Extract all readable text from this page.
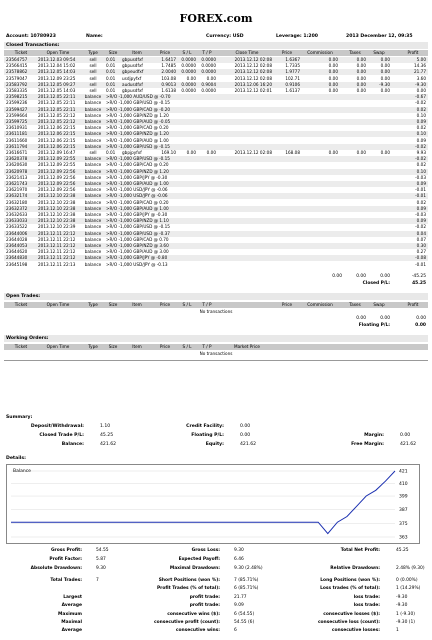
FOREX.com
Account: 10780923	Name:	Currency: USD	Leverage: 1:200	2013 December 12, 09:35
Closed Transactions:
Ticket	Open Time	Type	Size	Item	Price	S / L	T / P	Close Time	Price	Commission	Taxes	Swap	Profit
23564757	2013.12.03 09:54	sell	0.01	gbpusdfxf	1.6417	0.0000	0.0000	2013.12.12 02:08	1.6367	0.00	0.00	0.00	5.00
23566415	2013.12.04 15:02	sell	0.01	gbpusdfxf	1.7485	0.0000	0.0000	2013.12.12 02:08	1.7335	0.00	0.00	0.00	14.36
23578862	2013.12.05 14:03	sell	0.01	gbpeudfxf	2.0040	0.0000	0.0000	2013.12.12 02:08	1.9777	0.00	0.00	0.00	21.77
23579047	2013.12.09 23:25	sell	0.01	usdjpyfxf	103.08	0.00	0.00	2013.12.12 02:08	102.71	0.00	0.00	0.00	3.60
23583792	2013.12.05 09:27	sell	0.01	audusdfxf	0.9013	0.0000	0.9004	2013.12.06 16:20	0.9106	0.00	0.00	-9.30	-9.30
23583335	2013.12.05 14:03	sell	0.01	gbpusdfxf	1.6138	0.0000	0.0000	2013.12.12 02:01	1.6137	0.00	0.00	0.00	0.00
23598215	2013.12.05 22:11	balance	>R/O -1,000 AUD/USD @ -0.70	-0.67
23599236	2013.12.05 22:11	balance	>R/O -1,000 GBP/USD @ -0.15	-0.02
23599427	2013.12.05 22:11	balance	>R/O -1,000 GBP/CAD @ -0.20	0.02
23599664	2013.12.05 22:12	balance	>R/O -1,000 GBP/NZD @ 1.20	0.10
23599725	2013.12.05 22:12	balance	>R/O -1,000 GBP/AUD @ -0.05	0.09
23610931	2013.12.06 22:15	balance	>R/O -1,000 GBP/CAD @ 0.20	0.02
23611181	2013.12.06 22:15	balance	>R/O -1,000 GBP/NZD @ 1.20	0.10
23611660	2013.12.06 22:15	balance	>R/O -1,000 GBP/AUD @ 1.00	0.09
23611794	2013.12.06 22:15	balance	>R/O -1,000 GBP/USD @ -0.15	-0.02
23616671	2013.12.09 16:47	sell	0.01	gbpjpyfxf	169.10	0.00	0.00	2013.12.12 02:08	168.08	0.00	0.00	0.00	9.93
23620378	2013.12.09 22:55	balance	>R/O -1,000 GBP/USD @ -0.15	-0.02
23620630	2013.12.09 22:55	balance	>R/O -1,000 GBP/CAD @ 0.20	0.02
23620978	2013.12.09 22:56	balance	>R/O -1,000 GBP/NZD @ 1.20	0.10
23621413	2013.12.09 22:56	balance	>R/O -1,000 GBP/JPY @ -0.30	-0.03
23621743	2013.12.09 22:56	balance	>R/O -1,000 GBP/AUD @ 1.00	0.09
23621970	2013.12.09 22:56	balance	>R/O -1,000 USD/JPY @ -0.06	-0.01
23632174	2013.12.10 22:38	balance	>R/O -1,000 USD/JPY @ -0.06	-0.01
23632180	2013.12.10 22:38	balance	>R/O -1,000 GBP/CAD @ 0.20	0.02
23632372	2013.12.10 22:38	balance	>R/O -1,000 GBP/AUD @ 1.00	0.09
23632633	2013.12.10 22:38	balance	>R/O -1,000 GBP/JPY @ -0.30	-0.03
23633033	2013.12.10 22:38	balance	>R/O -1,000 GBP/NZD @ 1.10	0.09
23633522	2013.12.10 22:39	balance	>R/O -1,000 GBP/USD @ -0.15	-0.02
23644006	2013.12.11 22:12	balance	>R/O -1,000 GBP/USD @ -0.37	0.04
23644028	2013.12.11 22:12	balance	>R/O -1,000 GBP/CAD @ 0.70	0.07
23644053	2013.12.11 22:12	balance	>R/O -1,000 GBP/NZD @ 3.60	0.30
23644620	2013.12.11 22:12	balance	>R/O -1,000 GBP/AUD @ 3.00	0.27
23644830	2013.12.11 22:12	balance	>R/O -1,000 GBP/JPY @ -0.80	-0.08
23645198	2013.12.11 22:13	balance	>R/O -1,000 USD/JPY @ -0.13	-0.01
0.00	0.00	0.00	-45.25
Closed P/L:	45.25
Open Trades:
Ticket	Open Time	Type	Size	Item	Price	S / L	T / P	Price	Commission	Taxes	Swap	Profit
No transactions
0.00	0.00	0.00
Floating P/L:	0.00
Working Orders:
Ticket	Open Time	Type	Size	Item	Price	S / L	T / P	Market Price
No transactions
Summary:
Deposit/Withdrawal:	1.10	Credit Facility:	0.00
Closed Trade P/L:	45.25	Floating P/L:	0.00	Margin:	0.00
Balance:	421.62	Equity:	421.62	Free Margin:	421.62
Details:
421
410
399
387
375
363
Balance
Gross Profit:	54.55	Gross Loss:	9.30	Total Net Profit:	45.25
Profit Factor:	5.87	Expected Payoff:	6.46
Absolute Drawdown:	9.30	Maximal Drawdown:	9.30 (2.48%)	Relative Drawdown:	2.48% (9.30)
Total Trades:	7	Short Positions (won %):	7 (85.71%)	Long Positions (won %):	0 (0.00%)
Profit Trades (% of total):	6 (85.71%)	Loss trades (% of total):	1 (14.29%)
Largest	profit trade:	21.77	loss trade:	-9.30
Average	profit trade:	9.09	loss trade:	-9.30
Maximum	consecutive wins ($):	6 (54.55)	consecutive losses ($):	1 (-9.30)
Maximal	consecutive profit (count):	54.55 (6)	consecutive loss (count):	-9.30 (1)
Average	consecutive wins:	6	consecutive losses:	1
